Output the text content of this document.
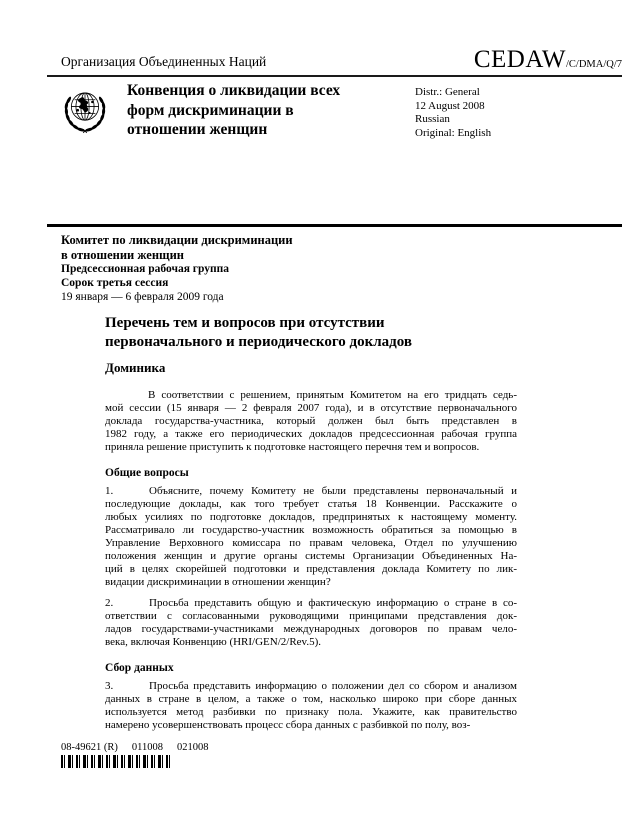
Организация Объединенных Наций	CEDAW /C/DMA/Q/7
Конвенция о ликвидации всех
форм дискриминации в
отношении женщин
Distr.: General
12 August 2008
Russian
Original: English
Комитет по ликвидации дискриминации
в отношении женщин
Предсессионная рабочая группа
Сорок третья сессия
19 января — 6 февраля 2009 года
Перечень тем и вопросов при отсутствии
первоначального и периодического докладов
Доминика
В соответствии с решением, принятым Комитетом на его тридцать седь-
мой сессии (15 января — 2 февраля 2007 года), и в отсутствие первоначального
доклада государства-участника, который должен был быть представлен в
1982 году, а также его периодических докладов предсессионная рабочая группа
приняла решение приступить к подготовке настоящего перечня тем и вопросов.
Общие вопросы
1.	Объясните, почему Комитету не были представлены первоначальный и
последующие доклады, как того требует статья 18 Конвенции. Расскажите о
любых усилиях по подготовке докладов, предпринятых к настоящему моменту.
Рассматривало ли государство-участник возможность обратиться за помощью в
Управление Верховного комиссара по правам человека, Отдел по улучшению
положения женщин и другие органы системы Организации Объединенных На-
ций в целях скорейшей подготовки и представления доклада Комитету по лик-
видации дискриминации в отношении женщин?
2.	Просьба представить общую и фактическую информацию о стране в со-
ответствии с согласованными руководящими принципами представления док-
ладов государствами-участниками международных договоров по правам чело-
века, включая Конвенцию (HRI/GEN/2/Rev.5).
Сбор данных
3.	Просьба представить информацию о положении дел со сбором и анализом
данных в стране в целом, а также о том, насколько широко при сборе данных
используется метод разбивки по признаку пола. Укажите, как правительство
намерено усовершенствовать процесс сбора данных с разбивкой по полу, воз-
08-49621 (R) 011008 021008
